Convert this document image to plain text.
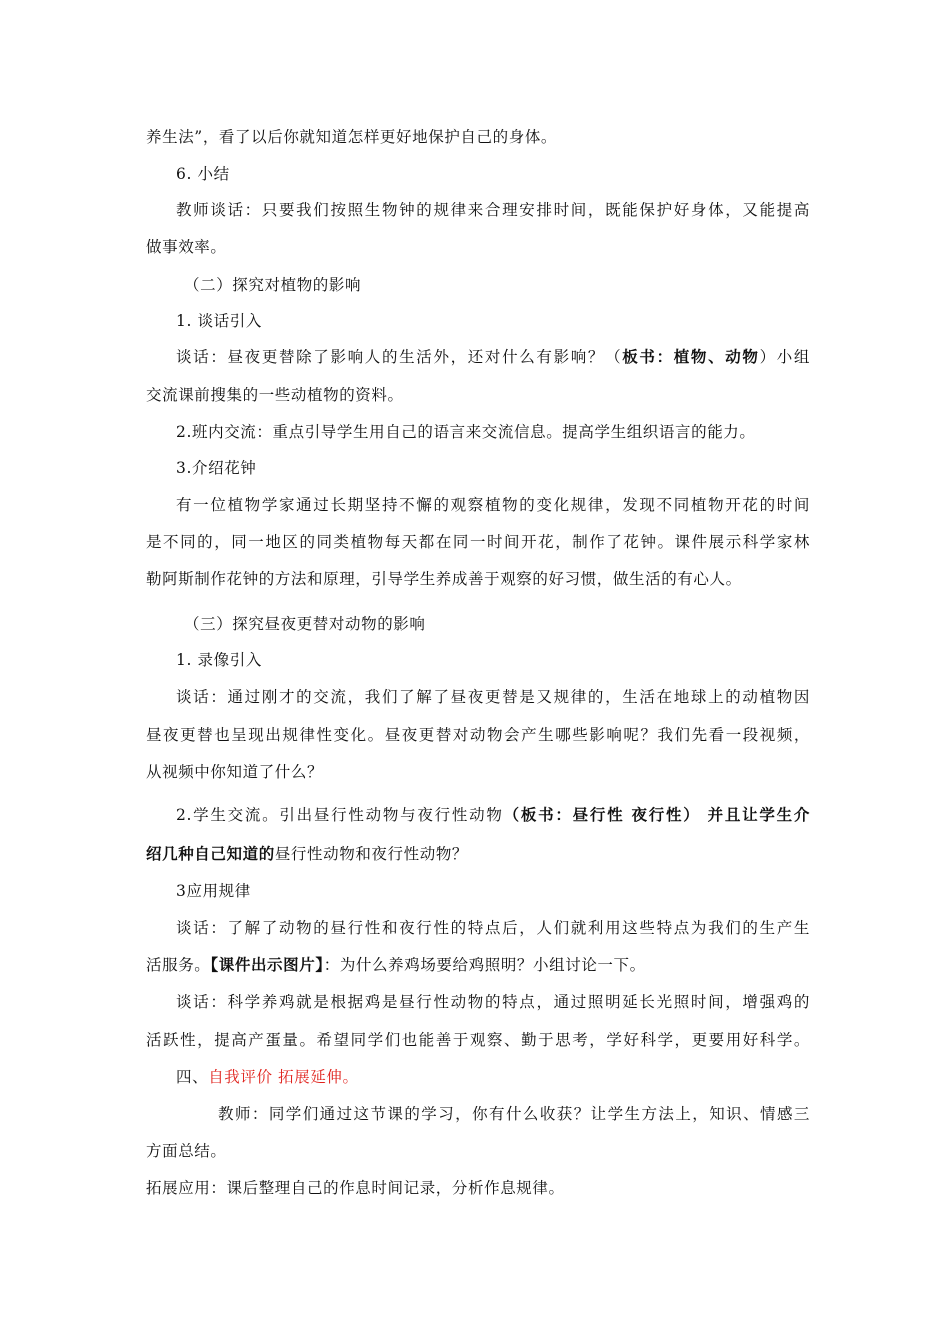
养生法”，看了以后你就知道怎样更好地保护自己的身体。
6. 小结
教师谈话：只要我们按照生物钟的规律来合理安排时间，既能保护好身体，又能提高
做事效率。
（二）探究对植物的影响
1. 谈话引入
谈话：昼夜更替除了影响人的生活外，还对什么有影响？（板书：植物、动物）小组
交流课前搜集的一些动植物的资料。
2.班内交流：重点引导学生用自己的语言来交流信息。提高学生组织语言的能力。
3.介绍花钟
有一位植物学家通过长期坚持不懈的观察植物的变化规律，发现不同植物开花的时间
是不同的，同一地区的同类植物每天都在同一时间开花，制作了花钟。课件展示科学家林
勒阿斯制作花钟的方法和原理，引导学生养成善于观察的好习惯，做生活的有心人。
（三）探究昼夜更替对动物的影响
1. 录像引入
谈话：通过刚才的交流，我们了解了昼夜更替是又规律的，生活在地球上的动植物因
昼夜更替也呈现出规律性变化。昼夜更替对动物会产生哪些影响呢？我们先看一段视频，
从视频中你知道了什么？
2.学生交流。引出昼行性动物与夜行性动物（板书：昼行性 夜行性） 并且让学生介
绍几种自己知道的昼行性动物和夜行性动物？
3应用规律
谈话：了解了动物的昼行性和夜行性的特点后，人们就利用这些特点为我们的生产生
活服务。【课件出示图片】：为什么养鸡场要给鸡照明？小组讨论一下。
谈话：科学养鸡就是根据鸡是昼行性动物的特点，通过照明延长光照时间，增强鸡的
活跃性，提高产蛋量。希望同学们也能善于观察、勤于思考，学好科学，更要用好科学。
四、自我评价 拓展延伸。
教师：同学们通过这节课的学习，你有什么收获？让学生方法上，知识、情感三
方面总结。
拓展应用：课后整理自己的作息时间记录，分析作息规律。
